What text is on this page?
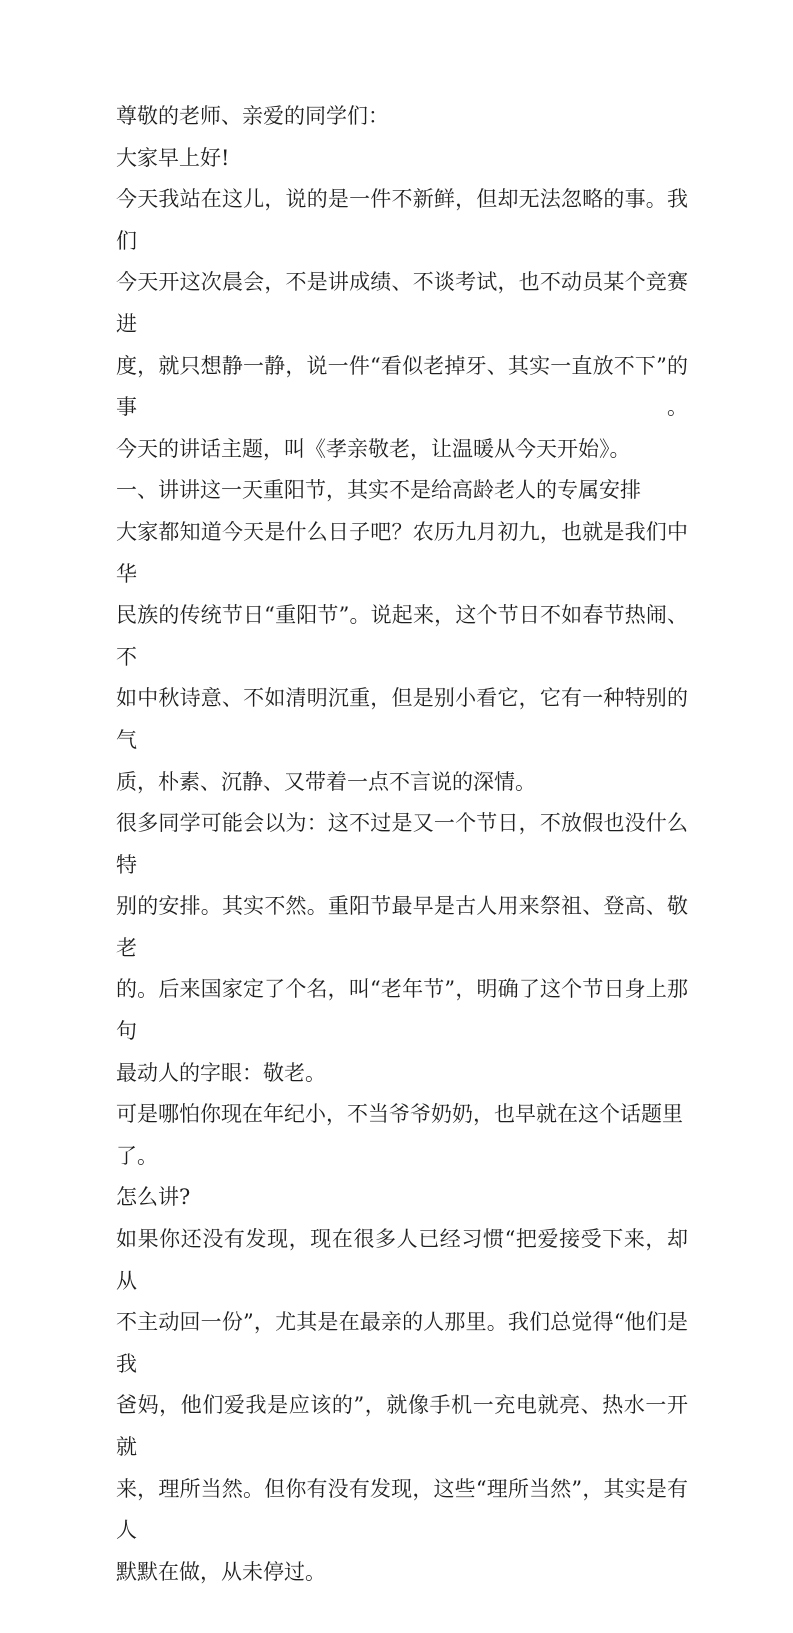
尊敬的老师、亲爱的同学们：
大家早上好!
今天我站在这儿，说的是一件不新鲜，但却无法忽略的事。我们
今天开这次晨会，不是讲成绩、不谈考试，也不动员某个竞赛进
度，就只想静一静，说一件“看似老掉牙、其实一直放不下”的事。
今天的讲话主题，叫《孝亲敬老，让温暖从今天开始》。
一、讲讲这一天重阳节，其实不是给高龄老人的专属安排
大家都知道今天是什么日子吧？农历九月初九，也就是我们中华
民族的传统节日“重阳节”。说起来，这个节日不如春节热闹、不
如中秋诗意、不如清明沉重，但是别小看它，它有一种特别的气
质，朴素、沉静、又带着一点不言说的深情。
很多同学可能会以为：这不过是又一个节日，不放假也没什么特
别的安排。其实不然。重阳节最早是古人用来祭祖、登高、敬老
的。后来国家定了个名，叫“老年节”，明确了这个节日身上那句
最动人的字眼：敬老。
可是哪怕你现在年纪小，不当爷爷奶奶，也早就在这个话题里了。
怎么讲?
如果你还没有发现，现在很多人已经习惯“把爱接受下来，却从
不主动回一份”，尤其是在最亲的人那里。我们总觉得“他们是我
爸妈，他们爱我是应该的”，就像手机一充电就亮、热水一开就
来，理所当然。但你有没有发现，这些“理所当然”，其实是有人
默默在做，从未停过。
